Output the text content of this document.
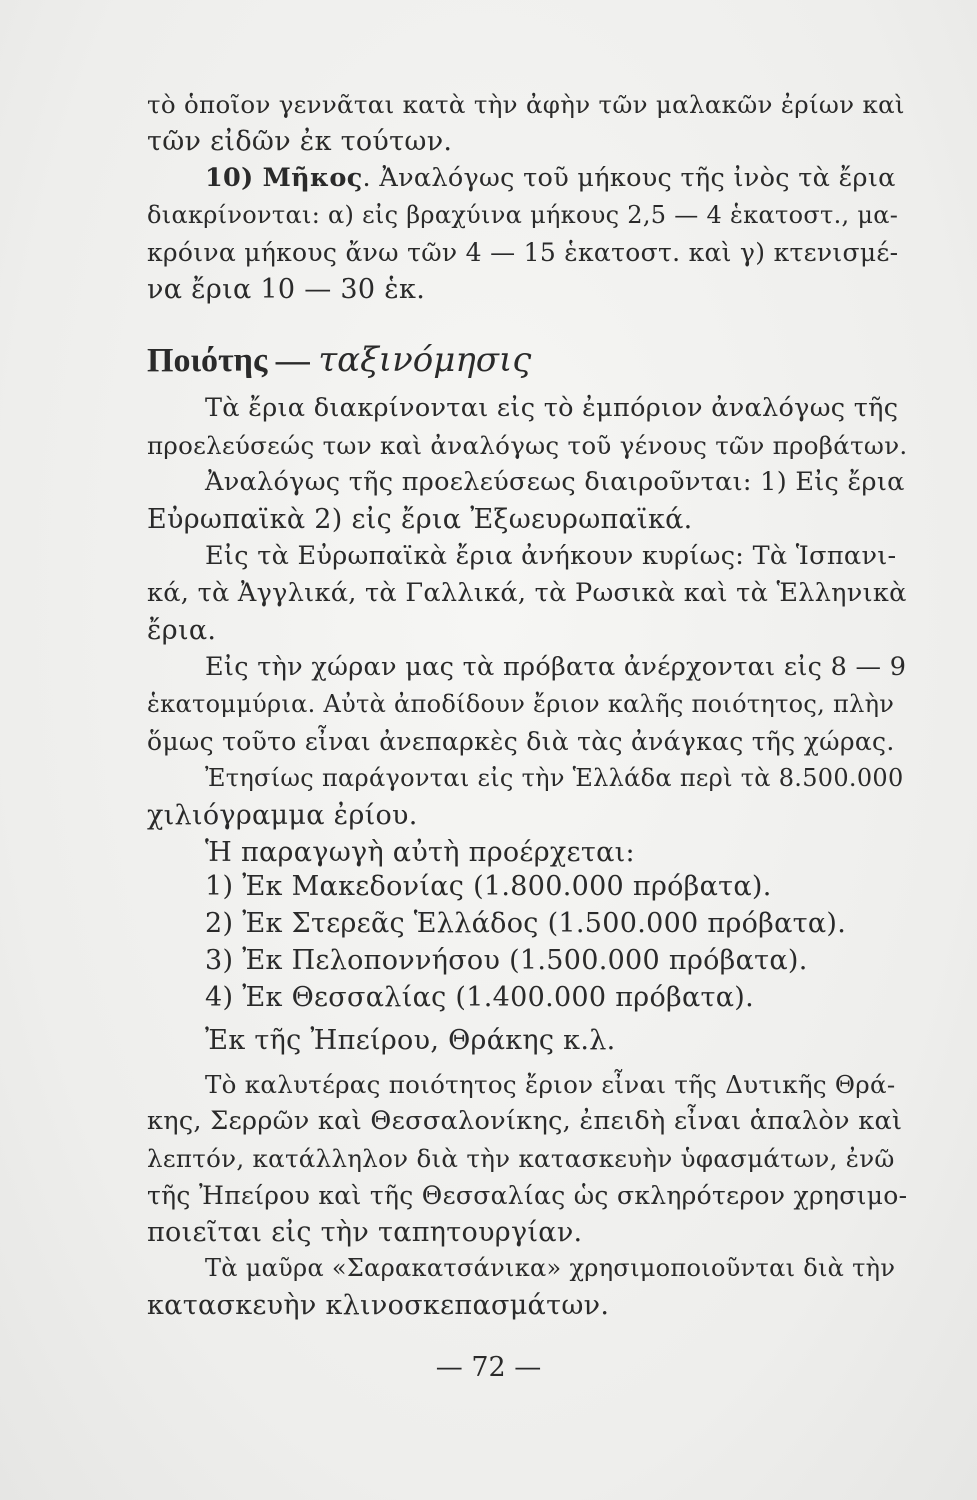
τὸ ὁποῖον γεννᾶται κατὰ τὴν ἀφὴν τῶν μαλακῶν ἐρίων καὶ
τῶν εἰδῶν ἐκ τούτων.
10) Μῆκος. Ἀναλόγως τοῦ μήκους τῆς ἰνὸς τὰ ἔρια
διακρίνονται: α) εἰς βραχύινα μήκους 2,5 — 4 ἑκατοστ., μα-
κρόινα μήκους ἄνω τῶν 4 — 15 ἑκατοστ. καὶ γ) κτενισμέ-
να ἔρια 10 — 30 ἑκ.
Ποιότης — ταξινόμησις
Τὰ ἔρια διακρίνονται εἰς τὸ ἐμπόριον ἀναλόγως τῆς
προελεύσεώς των καὶ ἀναλόγως τοῦ γένους τῶν προβάτων.
Ἀναλόγως τῆς προελεύσεως διαιροῦνται: 1) Εἰς ἔρια
Εὐρωπαϊκὰ 2) εἰς ἔρια Ἐξωευρωπαϊκά.
Εἰς τὰ Εὐρωπαϊκὰ ἔρια ἀνήκουν κυρίως: Τὰ Ἱσπανι-
κά, τὰ Ἀγγλικά, τὰ Γαλλικά, τὰ Ρωσικὰ καὶ τὰ Ἑλληνικὰ
ἔρια.
Εἰς τὴν χώραν μας τὰ πρόβατα ἀνέρχονται εἰς 8 — 9
ἑκατομμύρια. Αὐτὰ ἀποδίδουν ἔριον καλῆς ποιότητος, πλὴν
ὅμως τοῦτο εἶναι ἀνεπαρκὲς διὰ τὰς ἀνάγκας τῆς χώρας.
Ἐτησίως παράγονται εἰς τὴν Ἑλλάδα περὶ τὰ 8.500.000
χιλιόγραμμα ἐρίου.
Ἡ παραγωγὴ αὐτὴ προέρχεται:
1) Ἐκ Μακεδονίας (1.800.000 πρόβατα).
2) Ἐκ Στερεᾶς Ἑλλάδος (1.500.000 πρόβατα).
3) Ἐκ Πελοποννήσου (1.500.000 πρόβατα).
4) Ἐκ Θεσσαλίας (1.400.000 πρόβατα).
Ἐκ τῆς Ἠπείρου, Θράκης κ.λ.
Τὸ καλυτέρας ποιότητος ἔριον εἶναι τῆς Δυτικῆς Θρά-
κης, Σερρῶν καὶ Θεσσαλονίκης, ἐπειδὴ εἶναι ἁπαλὸν καὶ
λεπτόν, κατάλληλον διὰ τὴν κατασκευὴν ὑφασμάτων, ἐνῶ
τῆς Ἠπείρου καὶ τῆς Θεσσαλίας ὡς σκληρότερον χρησιμο-
ποιεῖται εἰς τὴν ταπητουργίαν.
Τὰ μαῦρα «Σαρακατσάνικα» χρησιμοποιοῦνται διὰ τὴν
κατασκευὴν κλινοσκεπασμάτων.
— 72 —
